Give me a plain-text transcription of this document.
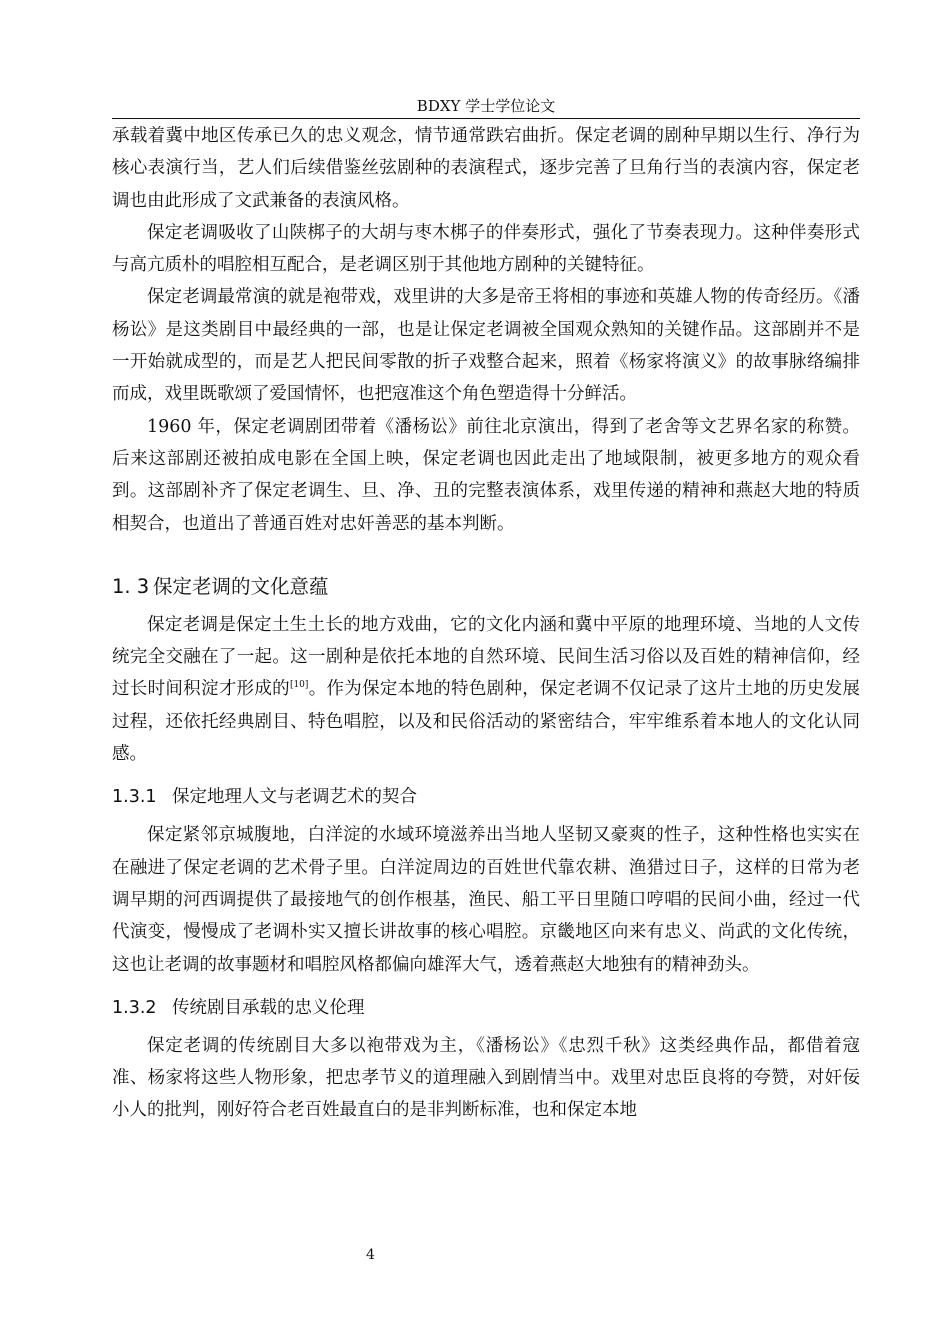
BDXY 学士学位论文

承载着冀中地区传承已久的忠义观念，情节通常跌宕曲折。保定老调的剧种早期以生行、净行为核心表演行当，艺人们后续借鉴丝弦剧种的表演程式，逐步完善了旦角行当的表演内容，保定老调也由此形成了文武兼备的表演风格。

保定老调吸收了山陕梆子的大胡与枣木梆子的伴奏形式，强化了节奏表现力。这种伴奏形式与高亢质朴的唱腔相互配合，是老调区别于其他地方剧种的关键特征。

保定老调最常演的就是袍带戏，戏里讲的大多是帝王将相的事迹和英雄人物的传奇经历。《潘杨讼》是这类剧目中最经典的一部，也是让保定老调被全国观众熟知的关键作品。这部剧并不是一开始就成型的，而是艺人把民间零散的折子戏整合起来，照着《杨家将演义》的故事脉络编排而成，戏里既歌颂了爱国情怀，也把寇准这个角色塑造得十分鲜活。

1960 年，保定老调剧团带着《潘杨讼》前往北京演出，得到了老舍等文艺界名家的称赞。后来这部剧还被拍成电影在全国上映，保定老调也因此走出了地域限制，被更多地方的观众看到。这部剧补齐了保定老调生、旦、净、丑的完整表演体系，戏里传递的精神和燕赵大地的特质相契合，也道出了普通百姓对忠奸善恶的基本判断。

1. 3 保定老调的文化意蕴

保定老调是保定土生土长的地方戏曲，它的文化内涵和冀中平原的地理环境、当地的人文传统完全交融在了一起。这一剧种是依托本地的自然环境、民间生活习俗以及百姓的精神信仰，经过长时间积淀才形成的[10]。作为保定本地的特色剧种，保定老调不仅记录了这片土地的历史发展过程，还依托经典剧目、特色唱腔，以及和民俗活动的紧密结合，牢牢维系着本地人的文化认同感。

1.3.1 保定地理人文与老调艺术的契合

保定紧邻京城腹地，白洋淀的水域环境滋养出当地人坚韧又豪爽的性子，这种性格也实实在在融进了保定老调的艺术骨子里。白洋淀周边的百姓世代靠农耕、渔猎过日子，这样的日常为老调早期的河西调提供了最接地气的创作根基，渔民、船工平日里随口哼唱的民间小曲，经过一代代演变，慢慢成了老调朴实又擅长讲故事的核心唱腔。京畿地区向来有忠义、尚武的文化传统，这也让老调的故事题材和唱腔风格都偏向雄浑大气，透着燕赵大地独有的精神劲头。

1.3.2 传统剧目承载的忠义伦理

保定老调的传统剧目大多以袍带戏为主，《潘杨讼》《忠烈千秋》这类经典作品，都借着寇准、杨家将这些人物形象，把忠孝节义的道理融入到剧情当中。戏里对忠臣良将的夸赞，对奸佞小人的批判，刚好符合老百姓最直白的是非判断标准，也和保定本地

4
